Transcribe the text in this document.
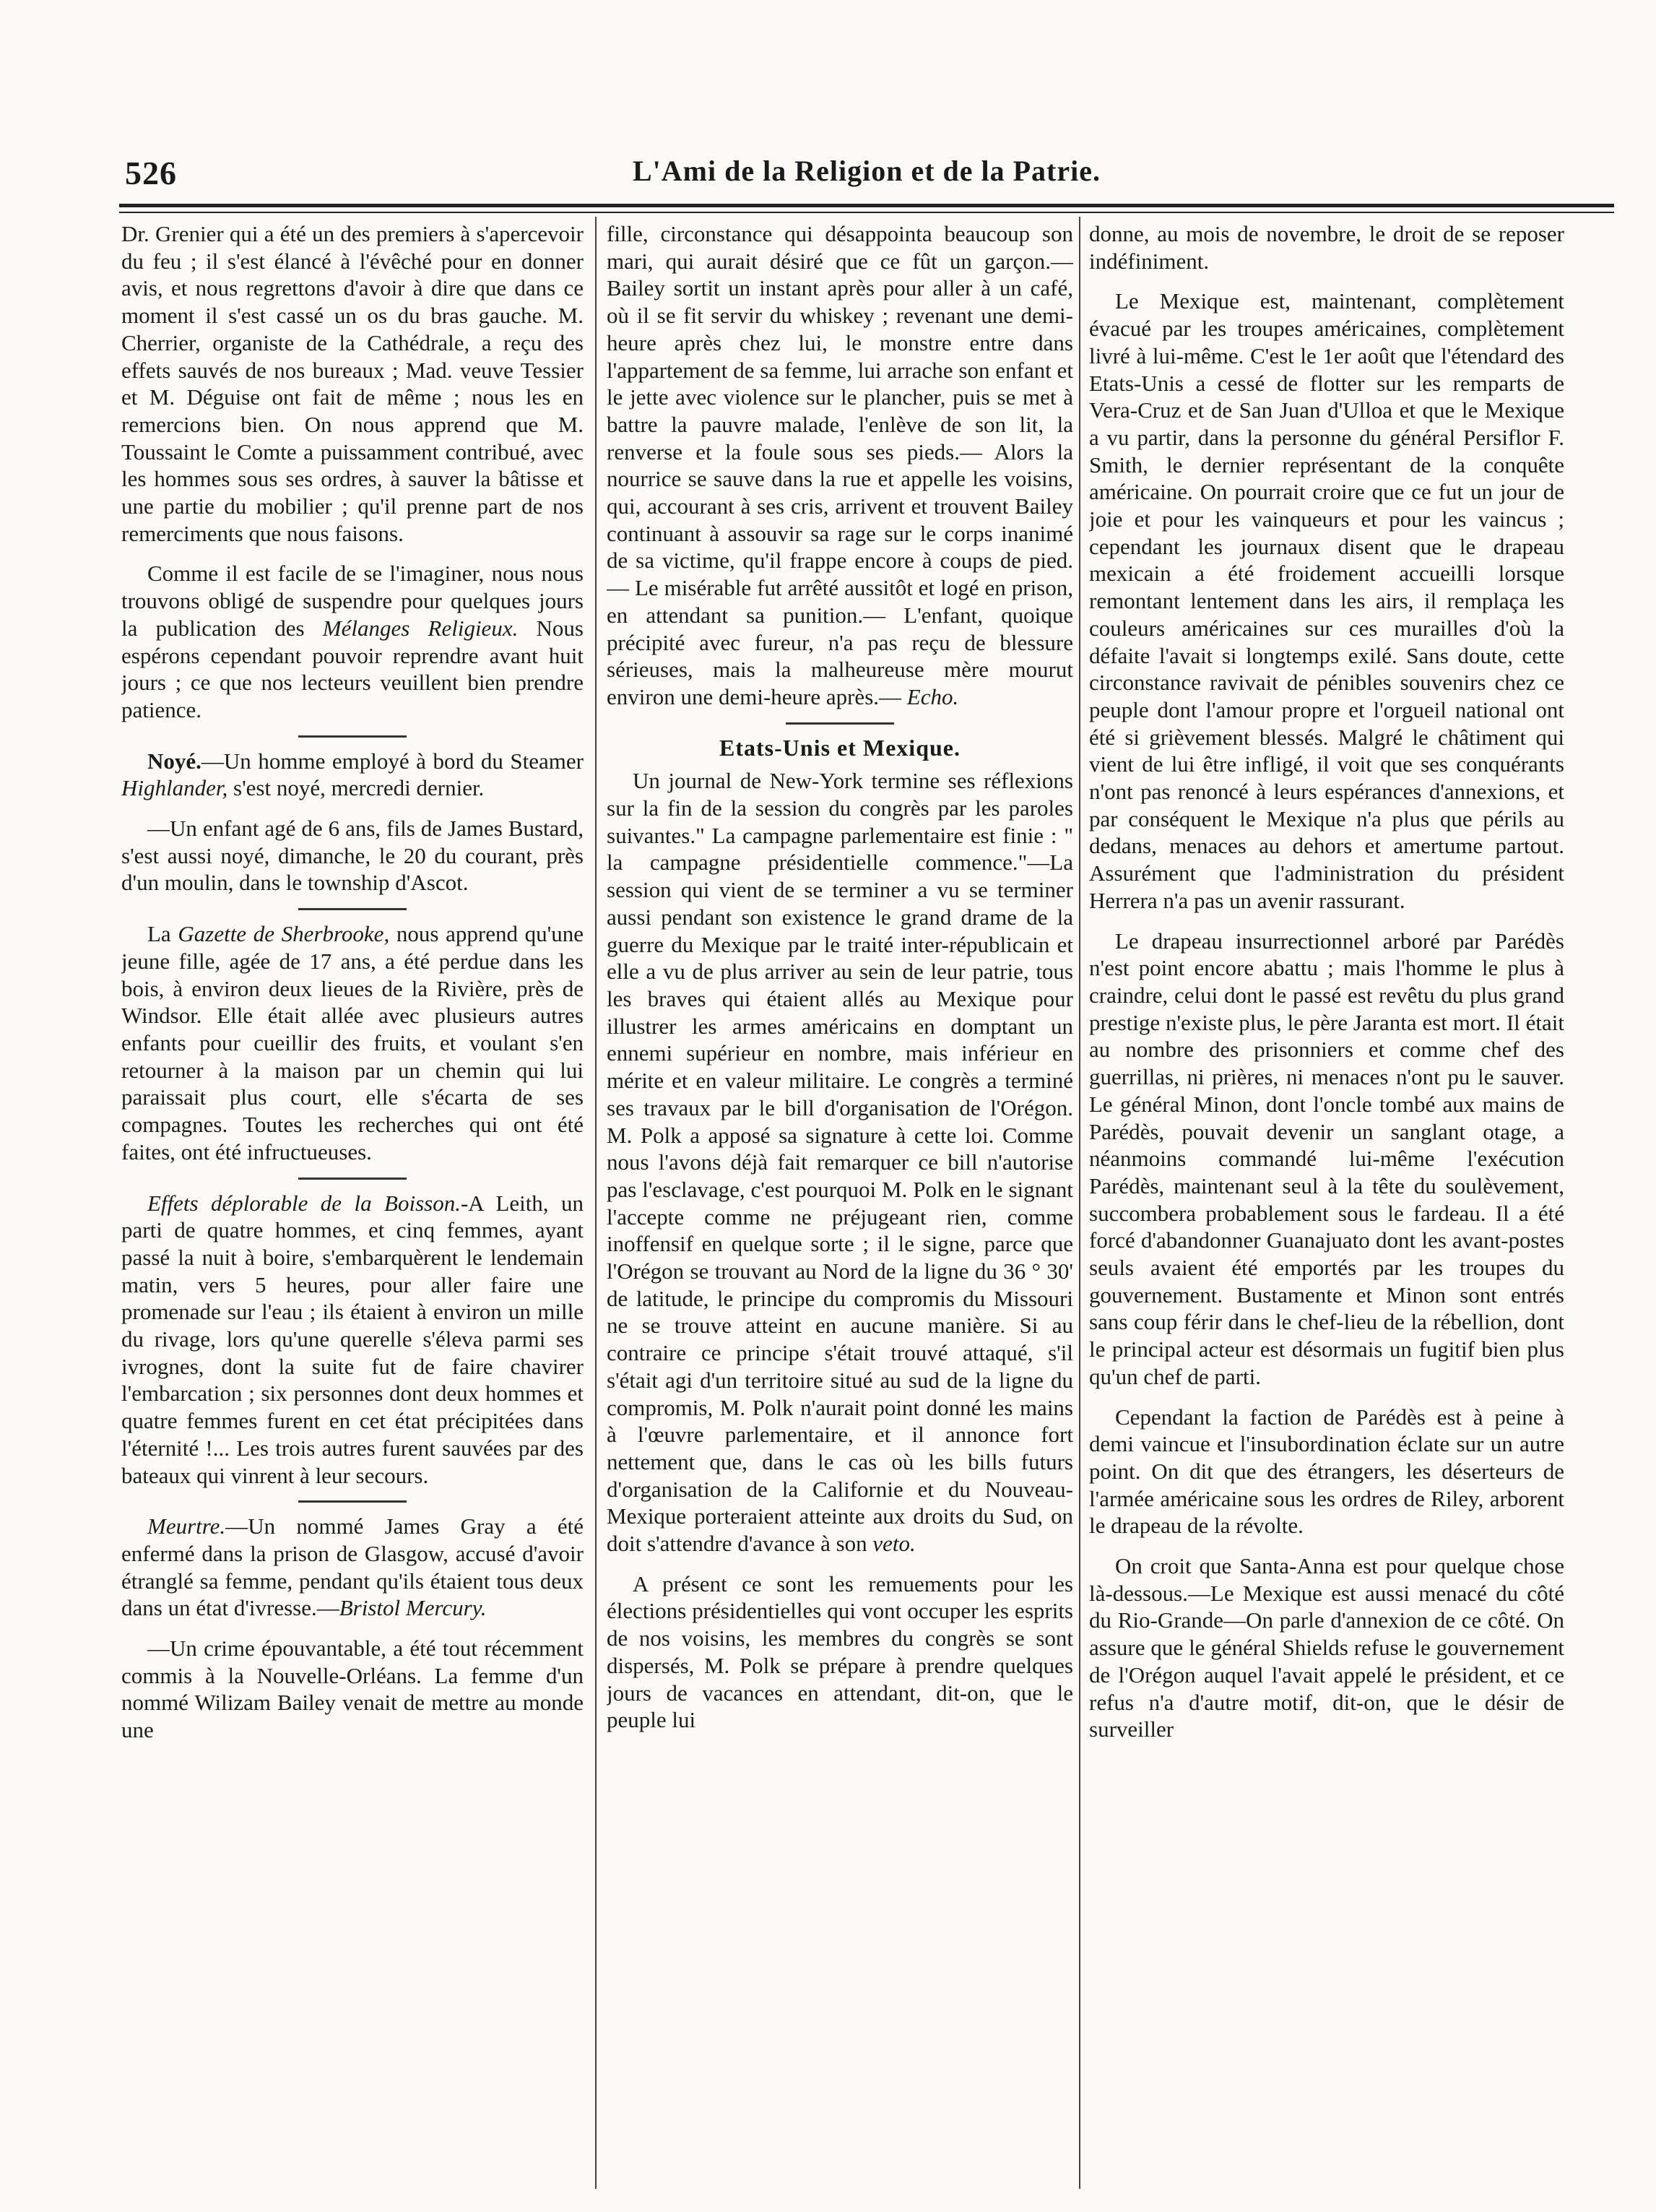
526	L'Ami de la Religion et de la Patrie.

Dr. Grenier qui a été un des premiers à s'apercevoir du feu ; il s'est élancé à l'évêché pour en donner avis, et nous regrettons d'avoir à dire que dans ce moment il s'est cassé un os du bras gauche. M. Cherrier, organiste de la Cathédrale, a reçu des effets sauvés de nos bureaux ; Mad. veuve Tessier et M. Déguise ont fait de même ; nous les en remercions bien. On nous apprend que M. Toussaint le Comte a puissamment contribué, avec les hommes sous ses ordres, à sauver la bâtisse et une partie du mobilier ; qu'il prenne part de nos remerciments que nous faisons.

Comme il est facile de se l'imaginer, nous nous trouvons obligé de suspendre pour quelques jours la publication des Mélanges Religieux. Nous espérons cependant pouvoir reprendre avant huit jours ; ce que nos lecteurs veuillent bien prendre patience.

Noyé.—Un homme employé à bord du Steamer Highlander, s'est noyé, mercredi dernier.

—Un enfant agé de 6 ans, fils de James Bustard, s'est aussi noyé, dimanche, le 20 du courant, près d'un moulin, dans le township d'Ascot.

La Gazette de Sherbrooke, nous apprend qu'une jeune fille, agée de 17 ans, a été perdue dans les bois, à environ deux lieues de la Rivière, près de Windsor. Elle était allée avec plusieurs autres enfants pour cueillir des fruits, et voulant s'en retourner à la maison par un chemin qui lui paraissait plus court, elle s'écarta de ses compagnes. Toutes les recherches qui ont été faites, ont été infructueuses.

Effets déplorable de la Boisson.-A Leith, un parti de quatre hommes, et cinq femmes, ayant passé la nuit à boire, s'embarquèrent le lendemain matin, vers 5 heures, pour aller faire une promenade sur l'eau ; ils étaient à environ un mille du rivage, lors qu'une querelle s'éleva parmi ses ivrognes, dont la suite fut de faire chavirer l'embarcation ; six personnes dont deux hommes et quatre femmes furent en cet état précipitées dans l'éternité !... Les trois autres furent sauvées par des bateaux qui vinrent à leur secours.

Meurtre.—Un nommé James Gray a été enfermé dans la prison de Glasgow, accusé d'avoir étranglé sa femme, pendant qu'ils étaient tous deux dans un état d'ivresse.—Bristol Mercury.

—Un crime épouvantable, a été tout récemment commis à la Nouvelle-Orléans. La femme d'un nommé Wilizam Bailey venait de mettre au monde une

fille, circonstance qui désappointa beaucoup son mari, qui aurait désiré que ce fût un garçon.—Bailey sortit un instant après pour aller à un café, où il se fit servir du whiskey ; revenant une demi-heure après chez lui, le monstre entre dans l'appartement de sa femme, lui arrache son enfant et le jette avec violence sur le plancher, puis se met à battre la pauvre malade, l'enlève de son lit, la renverse et la foule sous ses pieds.— Alors la nourrice se sauve dans la rue et appelle les voisins, qui, accourant à ses cris, arrivent et trouvent Bailey continuant à assouvir sa rage sur le corps inanimé de sa victime, qu'il frappe encore à coups de pied.— Le misérable fut arrêté aussitôt et logé en prison, en attendant sa punition.— L'enfant, quoique précipité avec fureur, n'a pas reçu de blessure sérieuses, mais la malheureuse mère mourut environ une demi-heure après.— Echo.

Etats-Unis et Mexique.

Un journal de New-York termine ses réflexions sur la fin de la session du congrès par les paroles suivantes." La campagne parlementaire est finie : " la campagne présidentielle commence."—La session qui vient de se terminer a vu se terminer aussi pendant son existence le grand drame de la guerre du Mexique par le traité inter-républicain et elle a vu de plus arriver au sein de leur patrie, tous les braves qui étaient allés au Mexique pour illustrer les armes américains en domptant un ennemi supérieur en nombre, mais inférieur en mérite et en valeur militaire. Le congrès a terminé ses travaux par le bill d'organisation de l'Orégon. M. Polk a apposé sa signature à cette loi. Comme nous l'avons déjà fait remarquer ce bill n'autorise pas l'esclavage, c'est pourquoi M. Polk en le signant l'accepte comme ne préjugeant rien, comme inoffensif en quelque sorte ; il le signe, parce que l'Orégon se trouvant au Nord de la ligne du 36 ° 30' de latitude, le principe du compromis du Missouri ne se trouve atteint en aucune manière. Si au contraire ce principe s'était trouvé attaqué, s'il s'était agi d'un territoire situé au sud de la ligne du compromis, M. Polk n'aurait point donné les mains à l'œuvre parlementaire, et il annonce fort nettement que, dans le cas où les bills futurs d'organisation de la Californie et du Nouveau-Mexique porteraient atteinte aux droits du Sud, on doit s'attendre d'avance à son veto.

A présent ce sont les remuements pour les élections présidentielles qui vont occuper les esprits de nos voisins, les membres du congrès se sont dispersés, M. Polk se prépare à prendre quelques jours de vacances en attendant, dit-on, que le peuple lui

donne, au mois de novembre, le droit de se reposer indéfiniment.

Le Mexique est, maintenant, complètement évacué par les troupes américaines, complètement livré à lui-même. C'est le 1er août que l'étendard des Etats-Unis a cessé de flotter sur les remparts de Vera-Cruz et de San Juan d'Ulloa et que le Mexique a vu partir, dans la personne du général Persiflor F. Smith, le dernier représentant de la conquête américaine. On pourrait croire que ce fut un jour de joie et pour les vainqueurs et pour les vaincus ; cependant les journaux disent que le drapeau mexicain a été froidement accueilli lorsque remontant lentement dans les airs, il remplaça les couleurs américaines sur ces murailles d'où la défaite l'avait si longtemps exilé. Sans doute, cette circonstance ravivait de pénibles souvenirs chez ce peuple dont l'amour propre et l'orgueil national ont été si grièvement blessés. Malgré le châtiment qui vient de lui être infligé, il voit que ses conquérants n'ont pas renoncé à leurs espérances d'annexions, et par conséquent le Mexique n'a plus que périls au dedans, menaces au dehors et amertume partout. Assurément que l'administration du président Herrera n'a pas un avenir rassurant.

Le drapeau insurrectionnel arboré par Parédès n'est point encore abattu ; mais l'homme le plus à craindre, celui dont le passé est revêtu du plus grand prestige n'existe plus, le père Jaranta est mort. Il était au nombre des prisonniers et comme chef des guerrillas, ni prières, ni menaces n'ont pu le sauver. Le général Minon, dont l'oncle tombé aux mains de Parédès, pouvait devenir un sanglant otage, a néanmoins commandé lui-même l'exécution Parédès, maintenant seul à la tête du soulèvement, succombera probablement sous le fardeau. Il a été forcé d'abandonner Guanajuato dont les avant-postes seuls avaient été emportés par les troupes du gouvernement. Bustamente et Minon sont entrés sans coup férir dans le chef-lieu de la rébellion, dont le principal acteur est désormais un fugitif bien plus qu'un chef de parti.

Cependant la faction de Parédès est à peine à demi vaincue et l'insubordination éclate sur un autre point. On dit que des étrangers, les déserteurs de l'armée américaine sous les ordres de Riley, arborent le drapeau de la révolte.

On croit que Santa-Anna est pour quelque chose là-dessous.—Le Mexique est aussi menacé du côté du Rio-Grande—On parle d'annexion de ce côté. On assure que le général Shields refuse le gouvernement de l'Orégon auquel l'avait appelé le président, et ce refus n'a d'autre motif, dit-on, que le désir de surveiller
